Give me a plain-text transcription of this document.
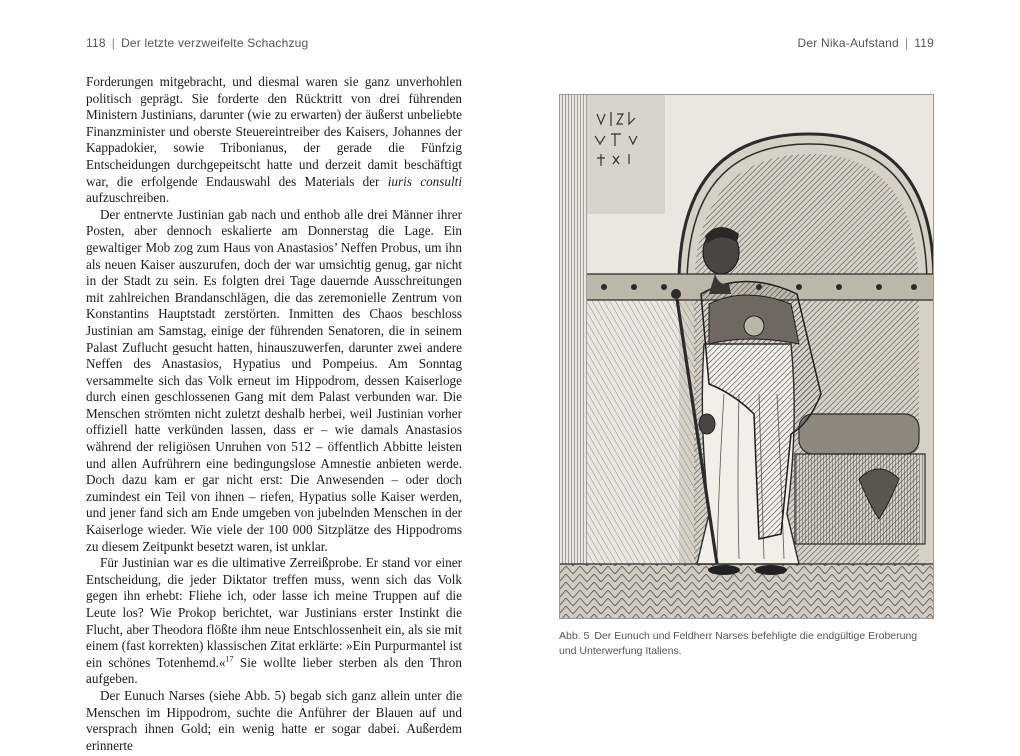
118 | Der letzte verzweifelte Schachzug	Der Nika-Aufstand | 119

Forderungen mitgebracht, und diesmal waren sie ganz unverhohlen politisch geprägt. Sie forderte den Rücktritt von drei führenden Ministern Justinians, darunter (wie zu erwarten) der äußerst unbeliebte Finanzminister und oberste Steuereintreiber des Kaisers, Johannes der Kappadokier, sowie Tribonianus, der gerade die Fünfzig Entscheidungen durchgepeitscht hatte und derzeit damit beschäftigt war, die erfolgende Endauswahl des Materials der iuris consulti aufzuschreiben.

Der entnervte Justinian gab nach und enthob alle drei Männer ihrer Posten, aber dennoch eskalierte am Donnerstag die Lage. Ein gewaltiger Mob zog zum Haus von Anastasios’ Neffen Probus, um ihn als neuen Kaiser auszurufen, doch der war umsichtig genug, gar nicht in der Stadt zu sein. Es folgten drei Tage dauernde Ausschreitungen mit zahlreichen Brandanschlägen, die das zeremonielle Zentrum von Konstantins Hauptstadt zerstörten. Inmitten des Chaos beschloss Justinian am Samstag, einige der führenden Senatoren, die in seinem Palast Zuflucht gesucht hatten, hinauszuwerfen, darunter zwei andere Neffen des Anastasios, Hypatius und Pompeius. Am Sonntag versammelte sich das Volk erneut im Hippodrom, dessen Kaiserloge durch einen geschlossenen Gang mit dem Palast verbunden war. Die Menschen strömten nicht zuletzt deshalb herbei, weil Justinian vorher offiziell hatte verkünden lassen, dass er – wie damals Anastasios während der religiösen Unruhen von 512 – öffentlich Abbitte leisten und allen Aufrührern eine bedingungslose Amnestie anbieten werde. Doch dazu kam er gar nicht erst: Die Anwesenden – oder doch zumindest ein Teil von ihnen – riefen, Hypatius solle Kaiser werden, und jener fand sich am Ende umgeben von jubelnden Menschen in der Kaiserloge wieder. Wie viele der 100 000 Sitzplätze des Hippodroms zu diesem Zeitpunkt besetzt waren, ist unklar.

Für Justinian war es die ultimative Zerreißprobe. Er stand vor einer Entscheidung, die jeder Diktator treffen muss, wenn sich das Volk gegen ihn erhebt: Fliehe ich, oder lasse ich meine Truppen auf die Leute los? Wie Prokop berichtet, war Justinians erster Instinkt die Flucht, aber Theodora flößte ihm neue Entschlossenheit ein, als sie mit einem (fast korrekten) klassischen Zitat erklärte: »Ein Purpurmantel ist ein schönes Totenhemd.«$^{17}$ Sie wollte lieber sterben als den Thron aufgeben.

Der Eunuch Narses (siehe Abb. 5) begab sich ganz allein unter die Menschen im Hippodrom, suchte die Anführer der Blauen auf und versprach ihnen Gold; ein wenig hatte er sogar dabei. Außerdem erinnerte

Abb. 5 Der Eunuch und Feldherr Narses befehligte die endgültige Eroberung und Unterwerfung Italiens.
